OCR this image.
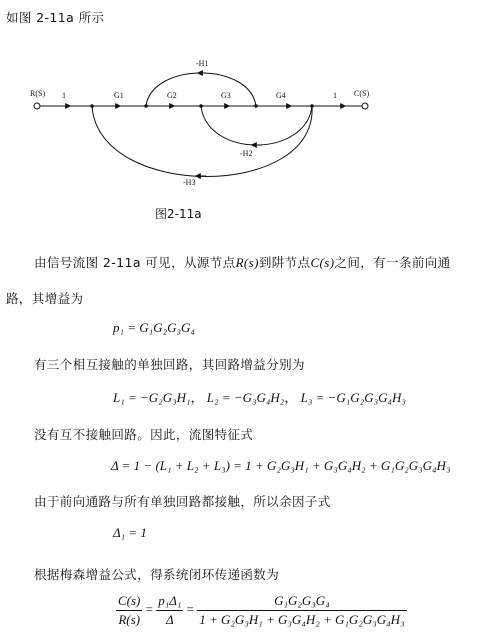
如图 2-11a 所示
R(S) 1	G1	G2	G3	G4	1 C(S)
-H1
-H2
-H3
图2-11a
由信号流图 2-11a 可见，从源节点R(s)到阱节点C(s)之间，有一条前向通
路，其增益为
p₁ = G₁G₂G₃G₄
有三个相互接触的单独回路，其回路增益分别为
L₁ = −G₂G₃H₁， L₂ = −G₃G₄H₂， L₃ = −G₁G₂G₃G₄H₃
没有互不接触回路。因此，流图特征式
Δ = 1 − (L₁ + L₂ + L₃) = 1 + G₂G₃H₁ + G₃G₄H₂ + G₁G₂G₃G₄H₃
由于前向通路与所有单独回路都接触，所以余因子式
Δ₁ = 1
根据梅森增益公式，得系统闭环传递函数为
$\frac{C(s)}{R(s)} = \frac{\text{p₁Δ₁}}{\Delta} = \frac{\text{G₁G₂G₃G₄}}{\text{1 + G₂G₃H₁ + G₃G₄H₂ + G₁G₂G₃G₄H₃}}$
